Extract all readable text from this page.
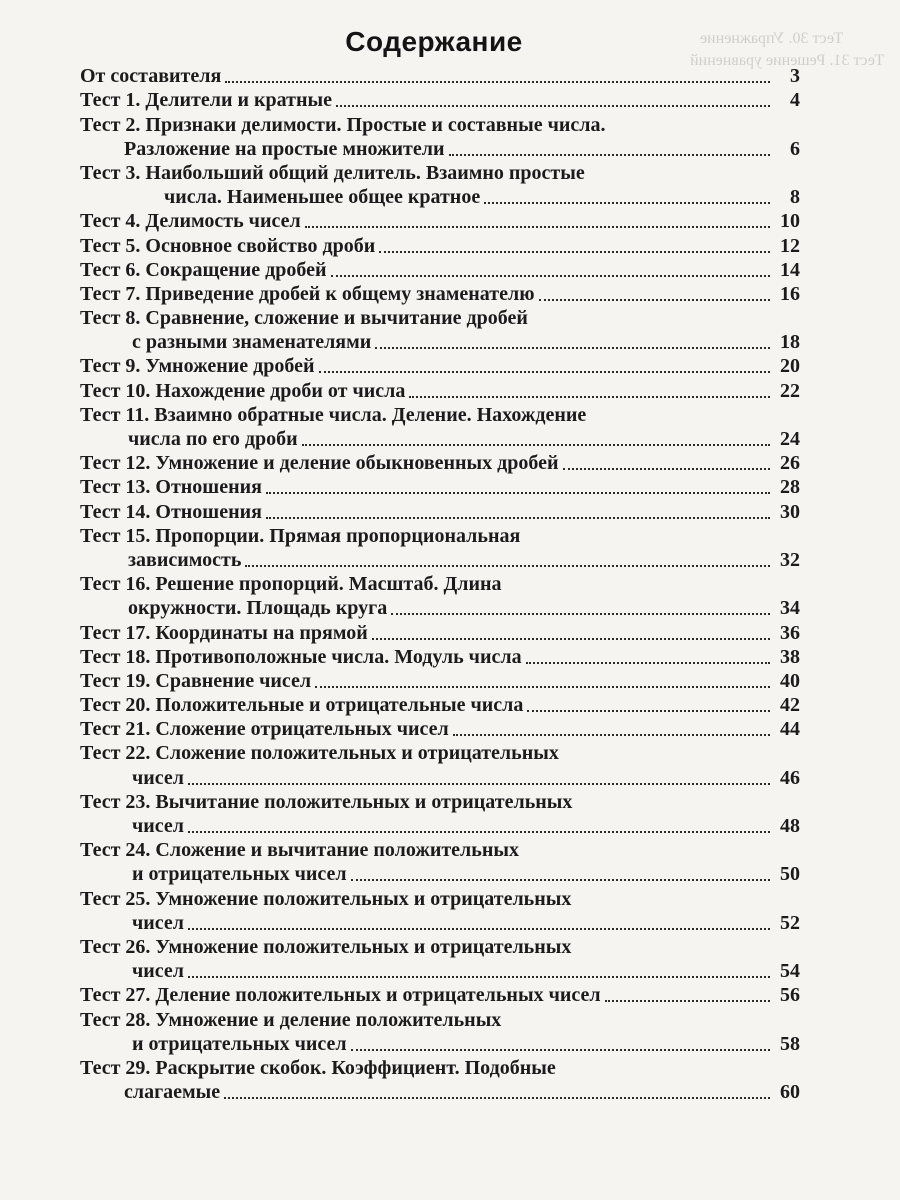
Тест 30. Упражнение
Тест 31. Решение уравнений
Содержание
От составителя	3
Тест 1. Делители и кратные	4
Тест 2. Признаки делимости. Простые и составные числа.
Разложение на простые множители	6
Тест 3. Наибольший общий делитель. Взаимно простые
числа. Наименьшее общее кратное	8
Тест 4. Делимость чисел	10
Тест 5. Основное свойство дроби	12
Тест 6. Сокращение дробей	14
Тест 7. Приведение дробей к общему знаменателю	16
Тест 8. Сравнение, сложение и вычитание дробей
с разными знаменателями	18
Тест 9. Умножение дробей	20
Тест 10. Нахождение дроби от числа	22
Тест 11. Взаимно обратные числа. Деление. Нахождение
числа по его дроби	24
Тест 12. Умножение и деление обыкновенных дробей	26
Тест 13. Отношения	28
Тест 14. Отношения	30
Тест 15. Пропорции. Прямая пропорциональная
зависимость	32
Тест 16. Решение пропорций. Масштаб. Длина
окружности. Площадь круга	34
Тест 17. Координаты на прямой	36
Тест 18. Противоположные числа. Модуль числа	38
Тест 19. Сравнение чисел	40
Тест 20. Положительные и отрицательные числа	42
Тест 21. Сложение отрицательных чисел	44
Тест 22. Сложение положительных и отрицательных
чисел	46
Тест 23. Вычитание положительных и отрицательных
чисел	48
Тест 24. Сложение и вычитание положительных
и отрицательных чисел	50
Тест 25. Умножение положительных и отрицательных
чисел	52
Тест 26. Умножение положительных и отрицательных
чисел	54
Тест 27. Деление положительных и отрицательных чисел	56
Тест 28. Умножение и деление положительных
и отрицательных чисел	58
Тест 29. Раскрытие скобок. Коэффициент. Подобные
слагаемые	60
